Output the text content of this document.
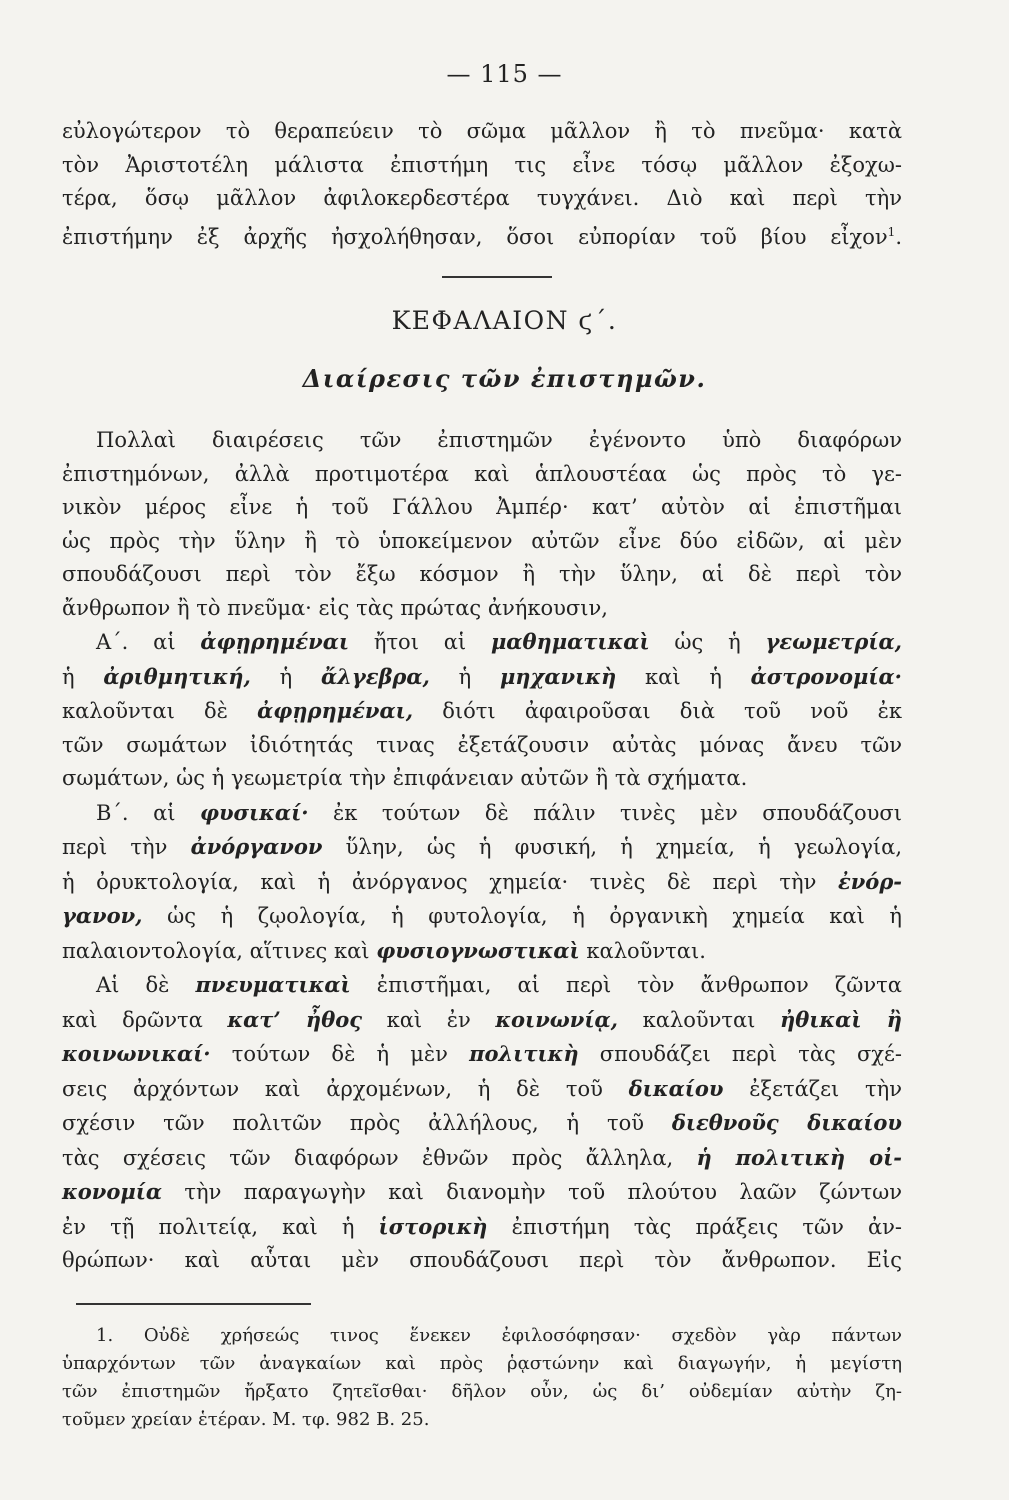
— 115 —
εὐλογώτερον τὸ θεραπεύειν τὸ σῶμα μᾶλλον ἢ τὸ πνεῦμα· κατὰ
τὸν Ἀριστοτέλη μάλιστα ἐπιστήμη τις εἶνε τόσῳ μᾶλλον ἐξοχω-
τέρα, ὅσῳ μᾶλλον ἀφιλοκερδεστέρα τυγχάνει. Διὸ καὶ περὶ τὴν
ἐπιστήμην ἐξ ἀρχῆς ἠσχολήθησαν, ὅσοι εὐπορίαν τοῦ βίου εἶχον$^1$.
ΚΕΦΑΛΑΙΟΝ ϛ΄.
Διαίρεσις τῶν ἐπιστημῶν.
Πολλαὶ διαιρέσεις τῶν ἐπιστημῶν ἐγένοντο ὑπὸ διαφόρων
ἐπιστημόνων, ἀλλὰ προτιμοτέρα καὶ ἁπλουστέαα ὡς πρὸς τὸ γε-
νικὸν μέρος εἶνε ἡ τοῦ Γάλλου Ἀμπέρ· κατ’ αὐτὸν αἱ ἐπιστῆμαι
ὡς πρὸς τὴν ὕλην ἢ τὸ ὑποκείμενον αὐτῶν εἶνε δύο εἰδῶν, αἱ μὲν
σπουδάζουσι περὶ τὸν ἔξω κόσμον ἢ τὴν ὕλην, αἱ δὲ περὶ τὸν
ἄνθρωπον ἢ τὸ πνεῦμα· εἰς τὰς πρώτας ἀνήκουσιν,
Α΄. αἱ ἀφῃρημέναι ἤτοι αἱ μαθηματικαὶ ὡς ἡ γεωμετρία,
ἡ ἀριθμητική, ἡ ἄλγεβρα, ἡ μηχανικὴ καὶ ἡ ἀστρονομία·
καλοῦνται δὲ ἀφῃρημέναι, διότι ἀφαιροῦσαι διὰ τοῦ νοῦ ἐκ
τῶν σωμάτων ἰδιότητάς τινας ἐξετάζουσιν αὐτὰς μόνας ἄνευ τῶν
σωμάτων, ὡς ἡ γεωμετρία τὴν ἐπιφάνειαν αὐτῶν ἢ τὰ σχήματα.
Β΄. αἱ φυσικαί· ἐκ τούτων δὲ πάλιν τινὲς μὲν σπουδάζουσι
περὶ τὴν ἀνόργανον ὕλην, ὡς ἡ φυσική, ἡ χημεία, ἡ γεωλογία,
ἡ ὀρυκτολογία, καὶ ἡ ἀνόργανος χημεία· τινὲς δὲ περὶ τὴν ἐνόρ-
γανον, ὡς ἡ ζῳολογία, ἡ φυτολογία, ἡ ὀργανικὴ χημεία καὶ ἡ
παλαιοντολογία, αἵτινες καὶ φυσιογνωστικαὶ καλοῦνται.
Αἱ δὲ πνευματικαὶ ἐπιστῆμαι, αἱ περὶ τὸν ἄνθρωπον ζῶντα
καὶ δρῶντα κατ’ ἦθος καὶ ἐν κοινωνίᾳ, καλοῦνται ἠθικαὶ ἢ
κοινωνικαί· τούτων δὲ ἡ μὲν πολιτικὴ σπουδάζει περὶ τὰς σχέ-
σεις ἀρχόντων καὶ ἀρχομένων, ἡ δὲ τοῦ δικαίου ἐξετάζει τὴν
σχέσιν τῶν πολιτῶν πρὸς ἀλλήλους, ἡ τοῦ διεθνοῦς δικαίου
τὰς σχέσεις τῶν διαφόρων ἐθνῶν πρὸς ἄλληλα, ἡ πολιτικὴ οἰ-
κονομία τὴν παραγωγὴν καὶ διανομὴν τοῦ πλούτου λαῶν ζώντων
ἐν τῇ πολιτείᾳ, καὶ ἡ ἱστορικὴ ἐπιστήμη τὰς πράξεις τῶν ἀν-
θρώπων· καὶ αὗται μὲν σπουδάζουσι περὶ τὸν ἄνθρωπον. Εἰς
1. Οὐδὲ χρήσεώς τινος ἕνεκεν ἐφιλοσόφησαν· σχεδὸν γὰρ πάντων
ὑπαρχόντων τῶν ἀναγκαίων καὶ πρὸς ῥᾳστώνην καὶ διαγωγήν, ἡ μεγίστη
τῶν ἐπιστημῶν ἤρξατο ζητεῖσθαι· δῆλον οὖν, ὡς δι’ οὐδεμίαν αὐτὴν ζη-
τοῦμεν χρείαν ἑτέραν. Μ. τφ. 982 Β. 25.
